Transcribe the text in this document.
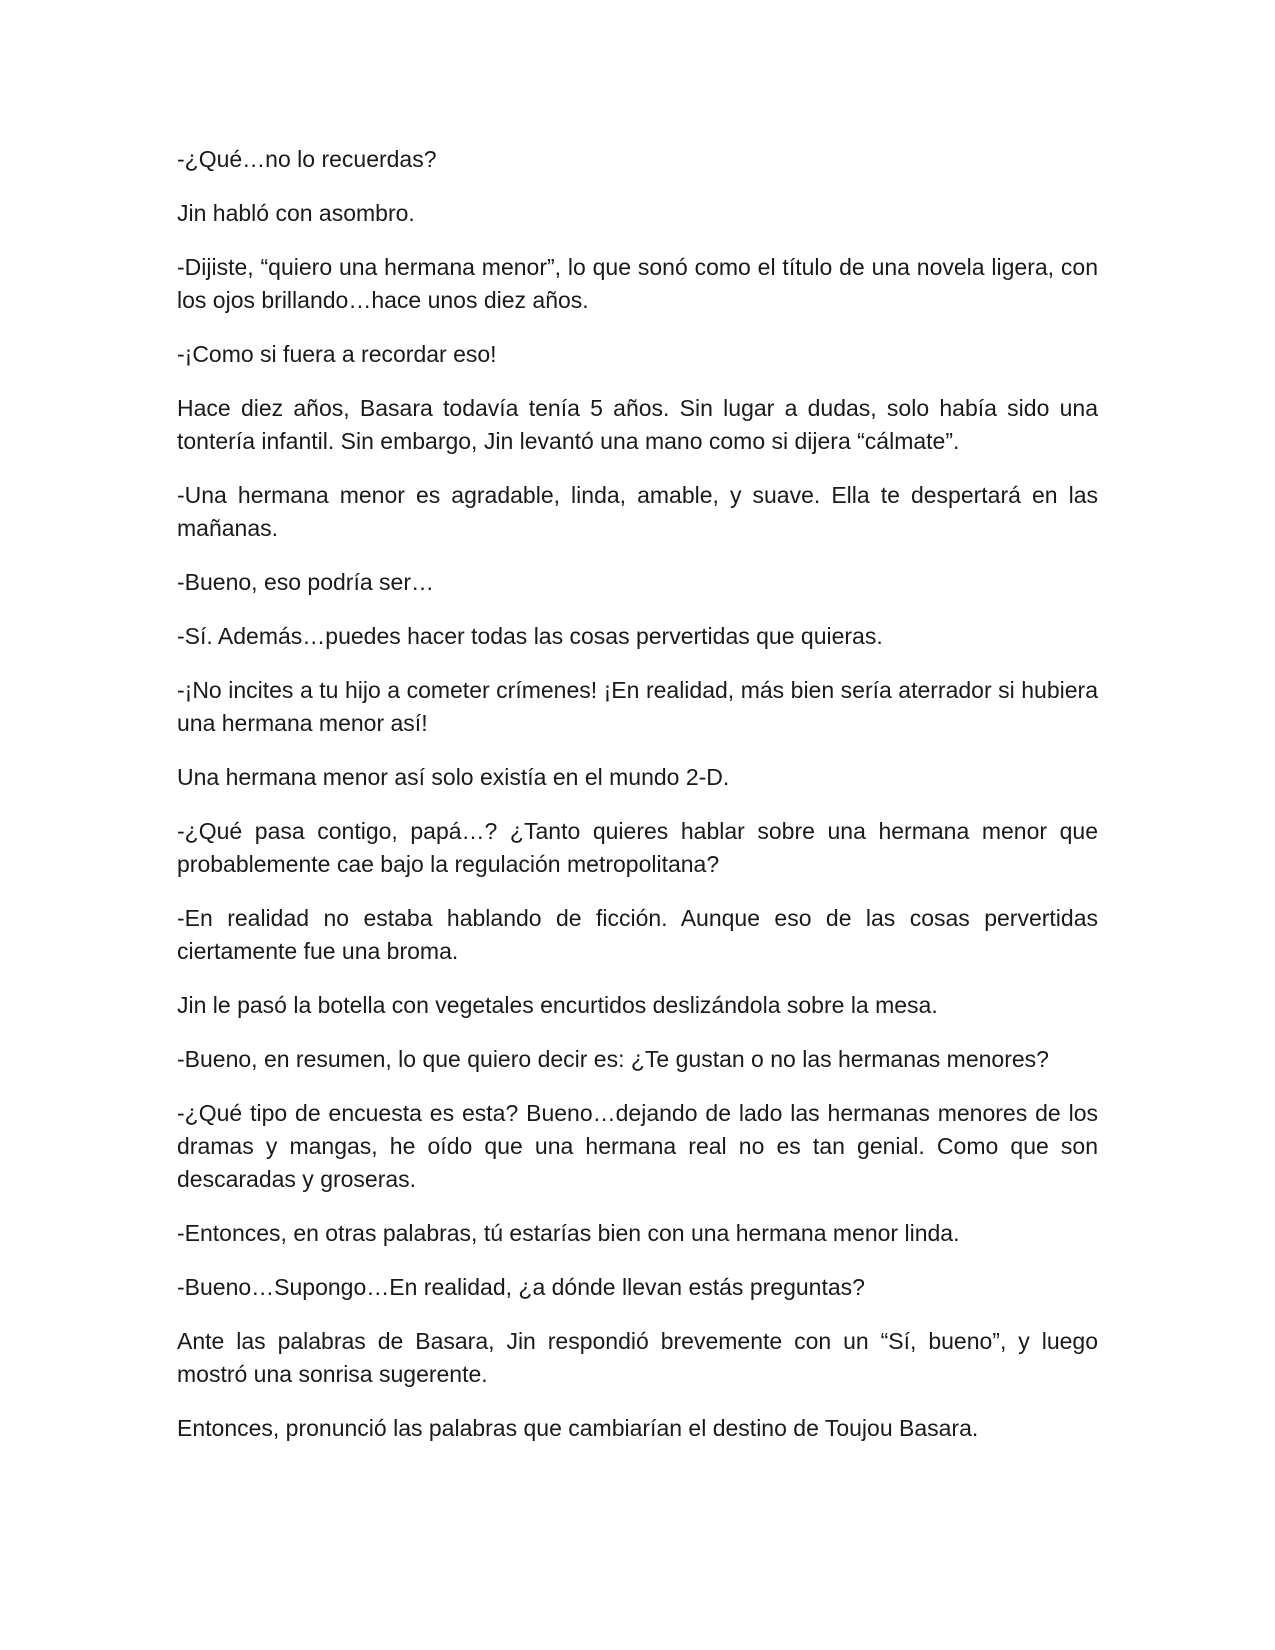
-¿Qué…no lo recuerdas?

Jin habló con asombro.

-Dijiste, “quiero una hermana menor”, lo que sonó como el título de una novela ligera, con los ojos brillando…hace unos diez años.

-¡Como si fuera a recordar eso!

Hace diez años, Basara todavía tenía 5 años. Sin lugar a dudas, solo había sido una tontería infantil. Sin embargo, Jin levantó una mano como si dijera “cálmate”.

-Una hermana menor es agradable, linda, amable, y suave. Ella te despertará en las mañanas.

-Bueno, eso podría ser…

-Sí. Además…puedes hacer todas las cosas pervertidas que quieras.

-¡No incites a tu hijo a cometer crímenes! ¡En realidad, más bien sería aterrador si hubiera una hermana menor así!

Una hermana menor así solo existía en el mundo 2-D.

-¿Qué pasa contigo, papá…? ¿Tanto quieres hablar sobre una hermana menor que probablemente cae bajo la regulación metropolitana?

-En realidad no estaba hablando de ficción. Aunque eso de las cosas pervertidas ciertamente fue una broma.

Jin le pasó la botella con vegetales encurtidos deslizándola sobre la mesa.

-Bueno, en resumen, lo que quiero decir es: ¿Te gustan o no las hermanas menores?

-¿Qué tipo de encuesta es esta? Bueno…dejando de lado las hermanas menores de los dramas y mangas, he oído que una hermana real no es tan genial. Como que son descaradas y groseras.

-Entonces, en otras palabras, tú estarías bien con una hermana menor linda.

-Bueno…Supongo…En realidad, ¿a dónde llevan estás preguntas?

Ante las palabras de Basara, Jin respondió brevemente con un “Sí, bueno”, y luego mostró una sonrisa sugerente.

Entonces, pronunció las palabras que cambiarían el destino de Toujou Basara.
